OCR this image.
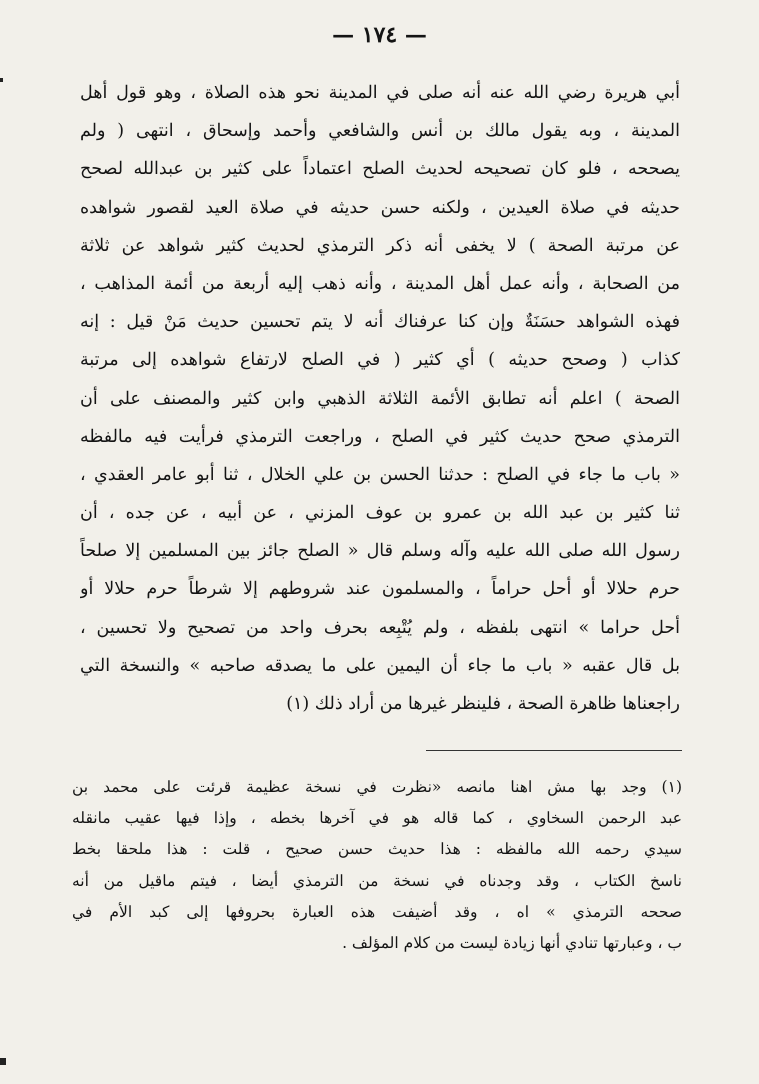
— ١٧٤ —
أبي هريرة رضي الله عنه أنه صلى في المدينة نحو هذه الصلاة ، وهو قول أهل
المدينة ، وبه يقول مالك بن أنس والشافعي وأحمد وإسحاق ، انتهى ( ولم
يصححه ، فلو كان تصحيحه لحديث الصلح اعتماداً على كثير بن عبدالله لصحح
حديثه في صلاة العيدين ، ولكنه حسن حديثه في صلاة العيد لقصور شواهده
عن مرتبة الصحة ) لا يخفى أنه ذكر الترمذي لحديث كثير شواهد عن ثلاثة
من الصحابة ، وأنه عمل أهل المدينة ، وأنه ذهب إليه أربعة من أئمة المذاهب ،
فهذه الشواهد حسَنَةٌ وإن كنا عرفناك أنه لا يتم تحسين حديث مَنْ قيل : إنه
كذاب ( وصحح حديثه ) أي كثير ( في الصلح لارتفاع شواهده إلى مرتبة
الصحة ) اعلم أنه تطابق الأئمة الثلاثة الذهبي وابن كثير والمصنف على أن
الترمذي صحح حديث كثير في الصلح ، وراجعت الترمذي فرأيت فيه مالفظه
« باب ما جاء في الصلح : حدثنا الحسن بن علي الخلال ، ثنا أبو عامر العقدي ،
ثنا كثير بن عبد الله بن عمرو بن عوف المزني ، عن أبيه ، عن جده ، أن
رسول الله صلى الله عليه وآله وسلم قال « الصلح جائز بين المسلمين إلا صلحاً
حرم حلالا أو أحل حراماً ، والمسلمون عند شروطهم إلا شرطاً حرم حلالا أو
أحل حراما » انتهى بلفظه ، ولم يُتْبِعه بحرف واحد من تصحيح ولا تحسين ،
بل قال عقبه « باب ما جاء أن اليمين على ما يصدقه صاحبه » والنسخة التي
راجعناها ظاهرة الصحة ، فلينظر غيرها من أراد ذلك (١)
(١) وجد بها مش اهنا مانصه «نظرت في نسخة عظيمة قرئت على محمد بن
عبد الرحمن السخاوي ، كما قاله هو في آخرها بخطه ، وإذا فيها عقيب مانقله
سيدي رحمه الله مالفظه : هذا حديث حسن صحيح ، قلت : هذا ملحقا بخط
ناسخ الكتاب ، وقد وجدناه في نسخة من الترمذي أيضا ، فيتم ماقيل من أنه
صححه الترمذي » اه ، وقد أضيفت هذه العبارة بحروفها إلى كبد الأم في
ب ، وعبارتها تنادي أنها زيادة ليست من كلام المؤلف .
